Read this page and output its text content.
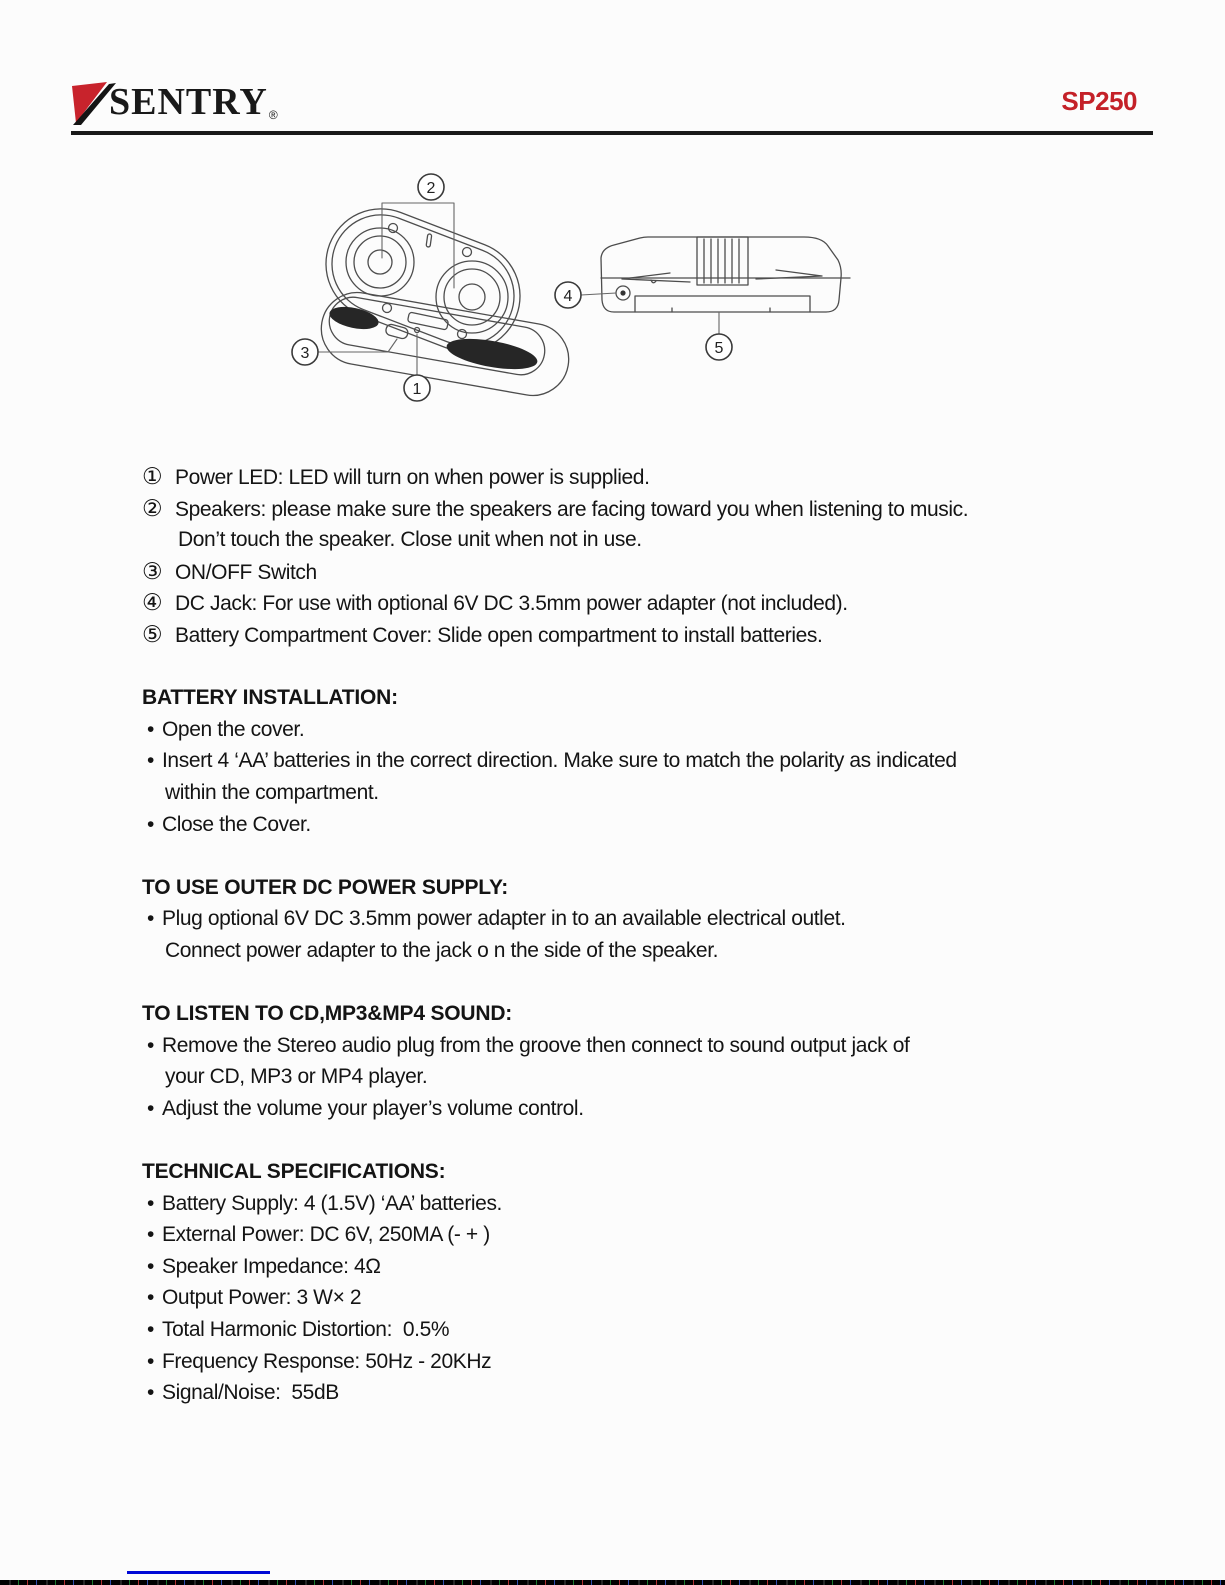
SENTRY ®	SP250
2
3
1
4
5
① Power LED: LED will turn on when power is supplied.
② Speakers: please make sure the speakers are facing toward you when listening to music.
Don’t touch the speaker. Close unit when not in use.
③ ON/OFF Switch
④ DC Jack: For use with optional 6V DC 3.5mm power adapter (not included).
⑤ Battery Compartment Cover: Slide open compartment to install batteries.
BATTERY INSTALLATION:
• Open the cover.
• Insert 4 ‘AA’ batteries in the correct direction. Make sure to match the polarity as indicated
within the compartment.
• Close the Cover.
TO USE OUTER DC POWER SUPPLY:
• Plug optional 6V DC 3.5mm power adapter in to an available electrical outlet.
Connect power adapter to the jack o n the side of the speaker.
TO LISTEN TO CD,MP3&MP4 SOUND:
• Remove the Stereo audio plug from the groove then connect to sound output jack of
your CD, MP3 or MP4 player.
• Adjust the volume your player’s volume control.
TECHNICAL SPECIFICATIONS:
• Battery Supply: 4 (1.5V) ‘AA’ batteries.
• External Power: DC 6V, 250MA (- + )
• Speaker Impedance: 4Ω
• Output Power: 3 W× 2
• Total Harmonic Distortion:  0.5%
• Frequency Response: 50Hz - 20KHz
• Signal/Noise:  55dB
